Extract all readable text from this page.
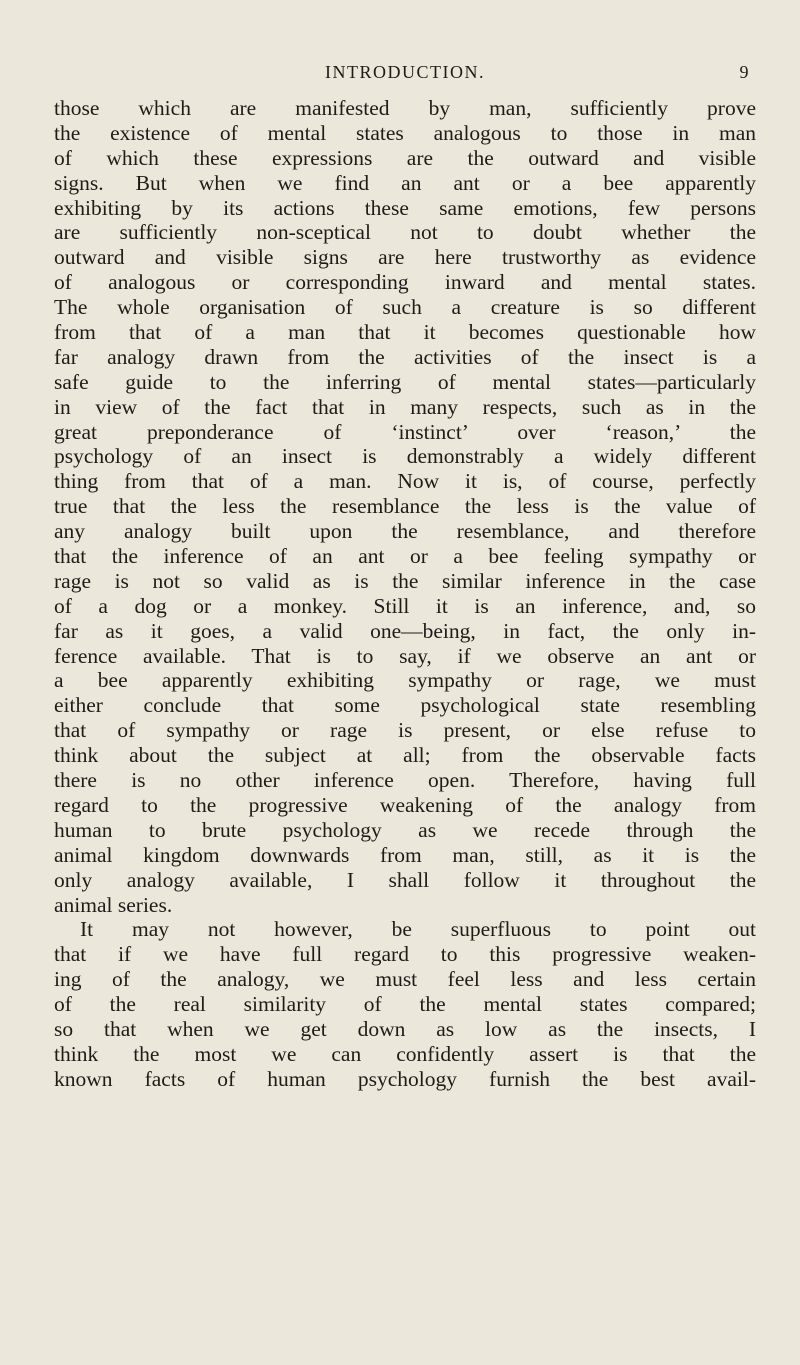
INTRODUCTION.	9
those which are manifested by man, sufficiently prove
the existence of mental states analogous to those in man
of which these expressions are the outward and visible
signs. But when we find an ant or a bee apparently
exhibiting by its actions these same emotions, few persons
are sufficiently non-sceptical not to doubt whether the
outward and visible signs are here trustworthy as evidence
of analogous or corresponding inward and mental states.
The whole organisation of such a creature is so different
from that of a man that it becomes questionable how
far analogy drawn from the activities of the insect is a
safe guide to the inferring of mental states—particularly
in view of the fact that in many respects, such as in the
great preponderance of ‘instinct’ over ‘reason,’ the
psychology of an insect is demonstrably a widely different
thing from that of a man. Now it is, of course, perfectly
true that the less the resemblance the less is the value of
any analogy built upon the resemblance, and therefore
that the inference of an ant or a bee feeling sympathy or
rage is not so valid as is the similar inference in the case
of a dog or a monkey. Still it is an inference, and, so
far as it goes, a valid one—being, in fact, the only in-
ference available. That is to say, if we observe an ant or
a bee apparently exhibiting sympathy or rage, we must
either conclude that some psychological state resembling
that of sympathy or rage is present, or else refuse to
think about the subject at all; from the observable facts
there is no other inference open. Therefore, having full
regard to the progressive weakening of the analogy from
human to brute psychology as we recede through the
animal kingdom downwards from man, still, as it is the
only analogy available, I shall follow it throughout the
animal series.
It may not however, be superfluous to point out
that if we have full regard to this progressive weaken-
ing of the analogy, we must feel less and less certain
of the real similarity of the mental states compared;
so that when we get down as low as the insects, I
think the most we can confidently assert is that the
known facts of human psychology furnish the best avail-
